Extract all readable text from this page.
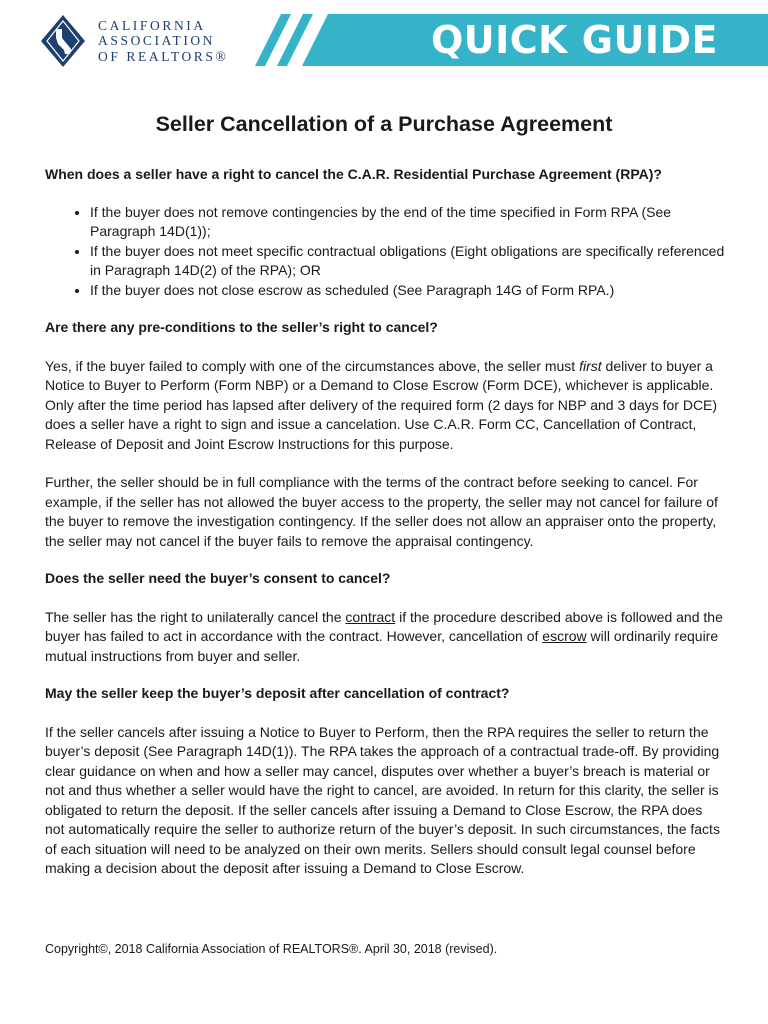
CALIFORNIA
ASSOCIATION
OF REALTORS®	QUICK GUIDE
Seller Cancellation of a Purchase Agreement

When does a seller have a right to cancel the C.A.R. Residential Purchase Agreement (RPA)?

• If the buyer does not remove contingencies by the end of the time specified in Form RPA (See Paragraph 14D(1));
• If the buyer does not meet specific contractual obligations (Eight obligations are specifically referenced in Paragraph 14D(2) of the RPA); OR
• If the buyer does not close escrow as scheduled (See Paragraph 14G of Form RPA.)

Are there any pre-conditions to the seller’s right to cancel?

Yes, if the buyer failed to comply with one of the circumstances above, the seller must first deliver to buyer a Notice to Buyer to Perform (Form NBP) or a Demand to Close Escrow (Form DCE), whichever is applicable. Only after the time period has lapsed after delivery of the required form (2 days for NBP and 3 days for DCE) does a seller have a right to sign and issue a cancelation. Use C.A.R. Form CC, Cancellation of Contract, Release of Deposit and Joint Escrow Instructions for this purpose.

Further, the seller should be in full compliance with the terms of the contract before seeking to cancel. For example, if the seller has not allowed the buyer access to the property, the seller may not cancel for failure of the buyer to remove the investigation contingency. If the seller does not allow an appraiser onto the property, the seller may not cancel if the buyer fails to remove the appraisal contingency.

Does the seller need the buyer’s consent to cancel?

The seller has the right to unilaterally cancel the contract if the procedure described above is followed and the buyer has failed to act in accordance with the contract. However, cancellation of escrow will ordinarily require mutual instructions from buyer and seller.

May the seller keep the buyer’s deposit after cancellation of contract?

If the seller cancels after issuing a Notice to Buyer to Perform, then the RPA requires the seller to return the buyer’s deposit (See Paragraph 14D(1)). The RPA takes the approach of a contractual trade-off. By providing clear guidance on when and how a seller may cancel, disputes over whether a buyer’s breach is material or not and thus whether a seller would have the right to cancel, are avoided. In return for this clarity, the seller is obligated to return the deposit. If the seller cancels after issuing a Demand to Close Escrow, the RPA does not automatically require the seller to authorize return of the buyer’s deposit. In such circumstances, the facts of each situation will need to be analyzed on their own merits. Sellers should consult legal counsel before making a decision about the deposit after issuing a Demand to Close Escrow.

Copyright©, 2018 California Association of REALTORS®. April 30, 2018 (revised).
